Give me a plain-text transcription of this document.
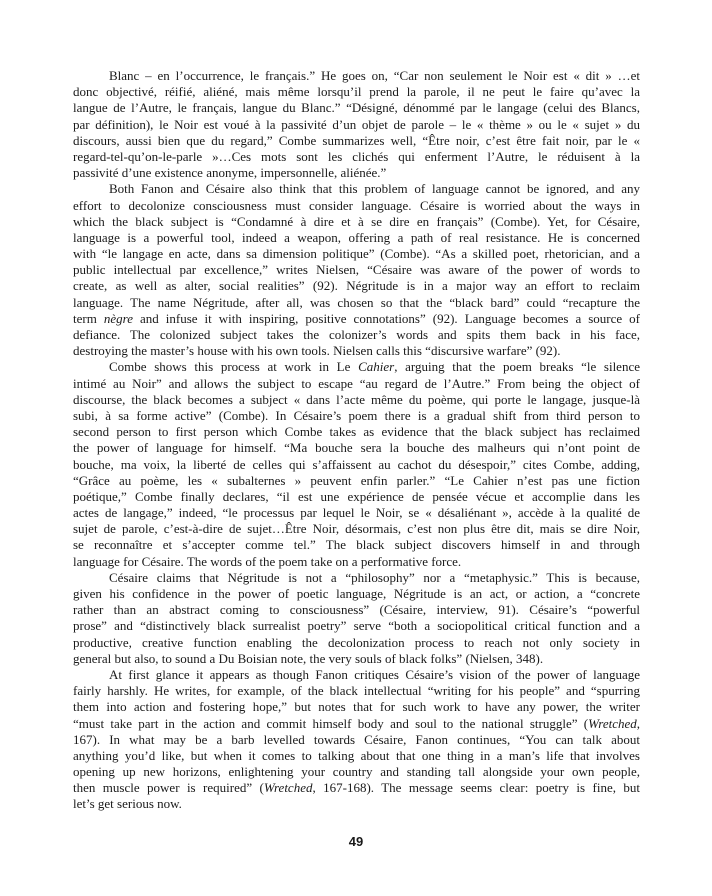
Blanc – en l’occurrence, le français.” He goes on, “Car non seulement le Noir est « dit » …et
donc objectivé, réifié, aliéné, mais même lorsqu’il prend la parole, il ne peut le faire qu’avec la
langue de l’Autre, le français, langue du Blanc.” “Désigné, dénommé par le langage (celui des Blancs,
par définition), le Noir est voué à la passivité d’un objet de parole – le « thème » ou le « sujet » du
discours, aussi bien que du regard,” Combe summarizes well, “Être noir, c’est être fait noir, par le «
regard-tel-qu’on-le-parle »…Ces mots sont les clichés qui enferment l’Autre, le réduisent à la
passivité d’une existence anonyme, impersonnelle, aliénée.”
Both Fanon and Césaire also think that this problem of language cannot be ignored, and any
effort to decolonize consciousness must consider language. Césaire is worried about the ways in
which the black subject is “Condamné à dire et à se dire en français” (Combe). Yet, for Césaire,
language is a powerful tool, indeed a weapon, offering a path of real resistance. He is concerned
with “le langage en acte, dans sa dimension politique” (Combe). “As a skilled poet, rhetorician, and a
public intellectual par excellence,” writes Nielsen, “Césaire was aware of the power of words to
create, as well as alter, social realities” (92). Négritude is in a major way an effort to reclaim
language. The name Négritude, after all, was chosen so that the “black bard” could “recapture the
term nègre and infuse it with inspiring, positive connotations” (92). Language becomes a source of
defiance. The colonized subject takes the colonizer’s words and spits them back in his face,
destroying the master’s house with his own tools. Nielsen calls this “discursive warfare” (92).
Combe shows this process at work in Le Cahier, arguing that the poem breaks “le silence
intimé au Noir” and allows the subject to escape “au regard de l’Autre.” From being the object of
discourse, the black becomes a subject « dans l’acte même du poème, qui porte le langage, jusque-là
subi, à sa forme active” (Combe). In Césaire’s poem there is a gradual shift from third person to
second person to first person which Combe takes as evidence that the black subject has reclaimed
the power of language for himself. “Ma bouche sera la bouche des malheurs qui n’ont point de
bouche, ma voix, la liberté de celles qui s’affaissent au cachot du désespoir,” cites Combe, adding,
“Grâce au poème, les « subalternes » peuvent enfin parler.” “Le Cahier n’est pas une fiction
poétique,” Combe finally declares, “il est une expérience de pensée vécue et accomplie dans les
actes de langage,” indeed, “le processus par lequel le Noir, se « désaliénant », accède à la qualité de
sujet de parole, c’est-à-dire de sujet…Être Noir, désormais, c’est non plus être dit, mais se dire Noir,
se reconnaître et s’accepter comme tel.” The black subject discovers himself in and through
language for Césaire. The words of the poem take on a performative force.
Césaire claims that Négritude is not a “philosophy” nor a “metaphysic.” This is because,
given his confidence in the power of poetic language, Négritude is an act, or action, a “concrete
rather than an abstract coming to consciousness” (Césaire, interview, 91). Césaire’s “powerful
prose” and “distinctively black surrealist poetry” serve “both a sociopolitical critical function and a
productive, creative function enabling the decolonization process to reach not only society in
general but also, to sound a Du Boisian note, the very souls of black folks” (Nielsen, 348).
At first glance it appears as though Fanon critiques Césaire’s vision of the power of language
fairly harshly. He writes, for example, of the black intellectual “writing for his people” and “spurring
them into action and fostering hope,” but notes that for such work to have any power, the writer
“must take part in the action and commit himself body and soul to the national struggle” (Wretched,
167). In what may be a barb levelled towards Césaire, Fanon continues, “You can talk about
anything you’d like, but when it comes to talking about that one thing in a man’s life that involves
opening up new horizons, enlightening your country and standing tall alongside your own people,
then muscle power is required” (Wretched, 167-168). The message seems clear: poetry is fine, but
let’s get serious now.
49
